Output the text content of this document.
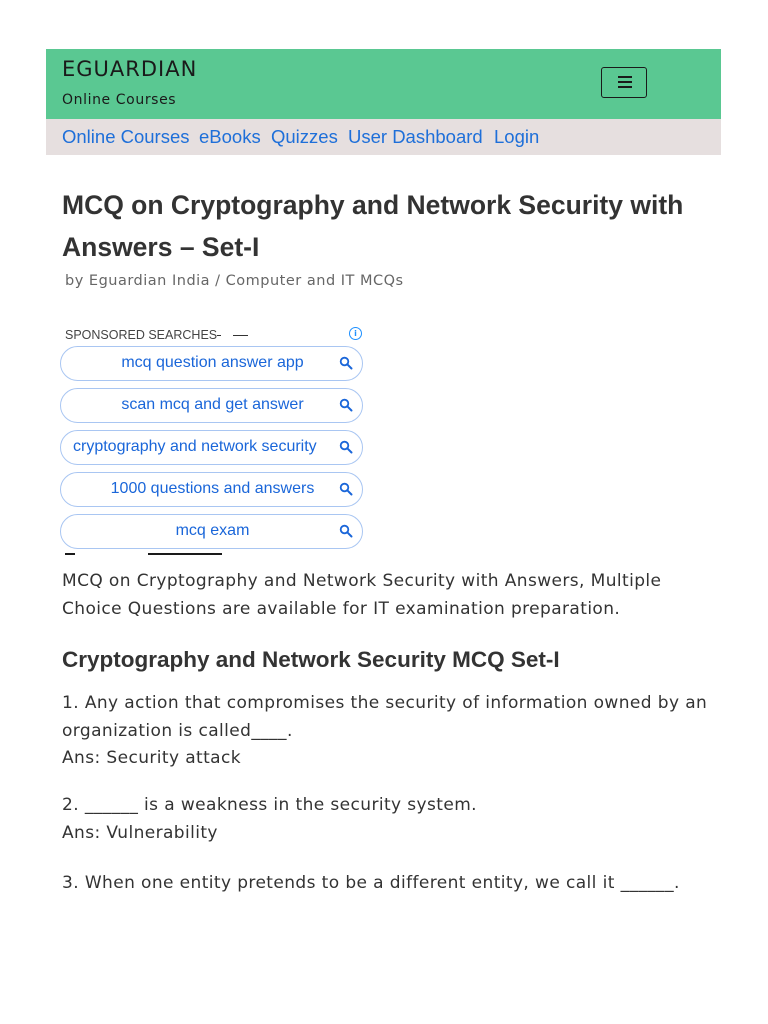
EGUARDIAN
Online Courses
Online Courses eBooks Quizzes User Dashboard Login
MCQ on Cryptography and Network Security with Answers – Set-I
by Eguardian India / Computer and IT MCQs
SPONSORED SEARCHES	i
mcq question answer app
scan mcq and get answer
cryptography and network security
1000 questions and answers
mcq exam

MCQ on Cryptography and Network Security with Answers, Multiple Choice Questions are available for IT examination preparation.

Cryptography and Network Security MCQ Set-I

1. Any action that compromises the security of information owned by an organization is called____.
Ans: Security attack

2. ______ is a weakness in the security system.
Ans: Vulnerability

3. When one entity pretends to be a different entity, we call it ______.
